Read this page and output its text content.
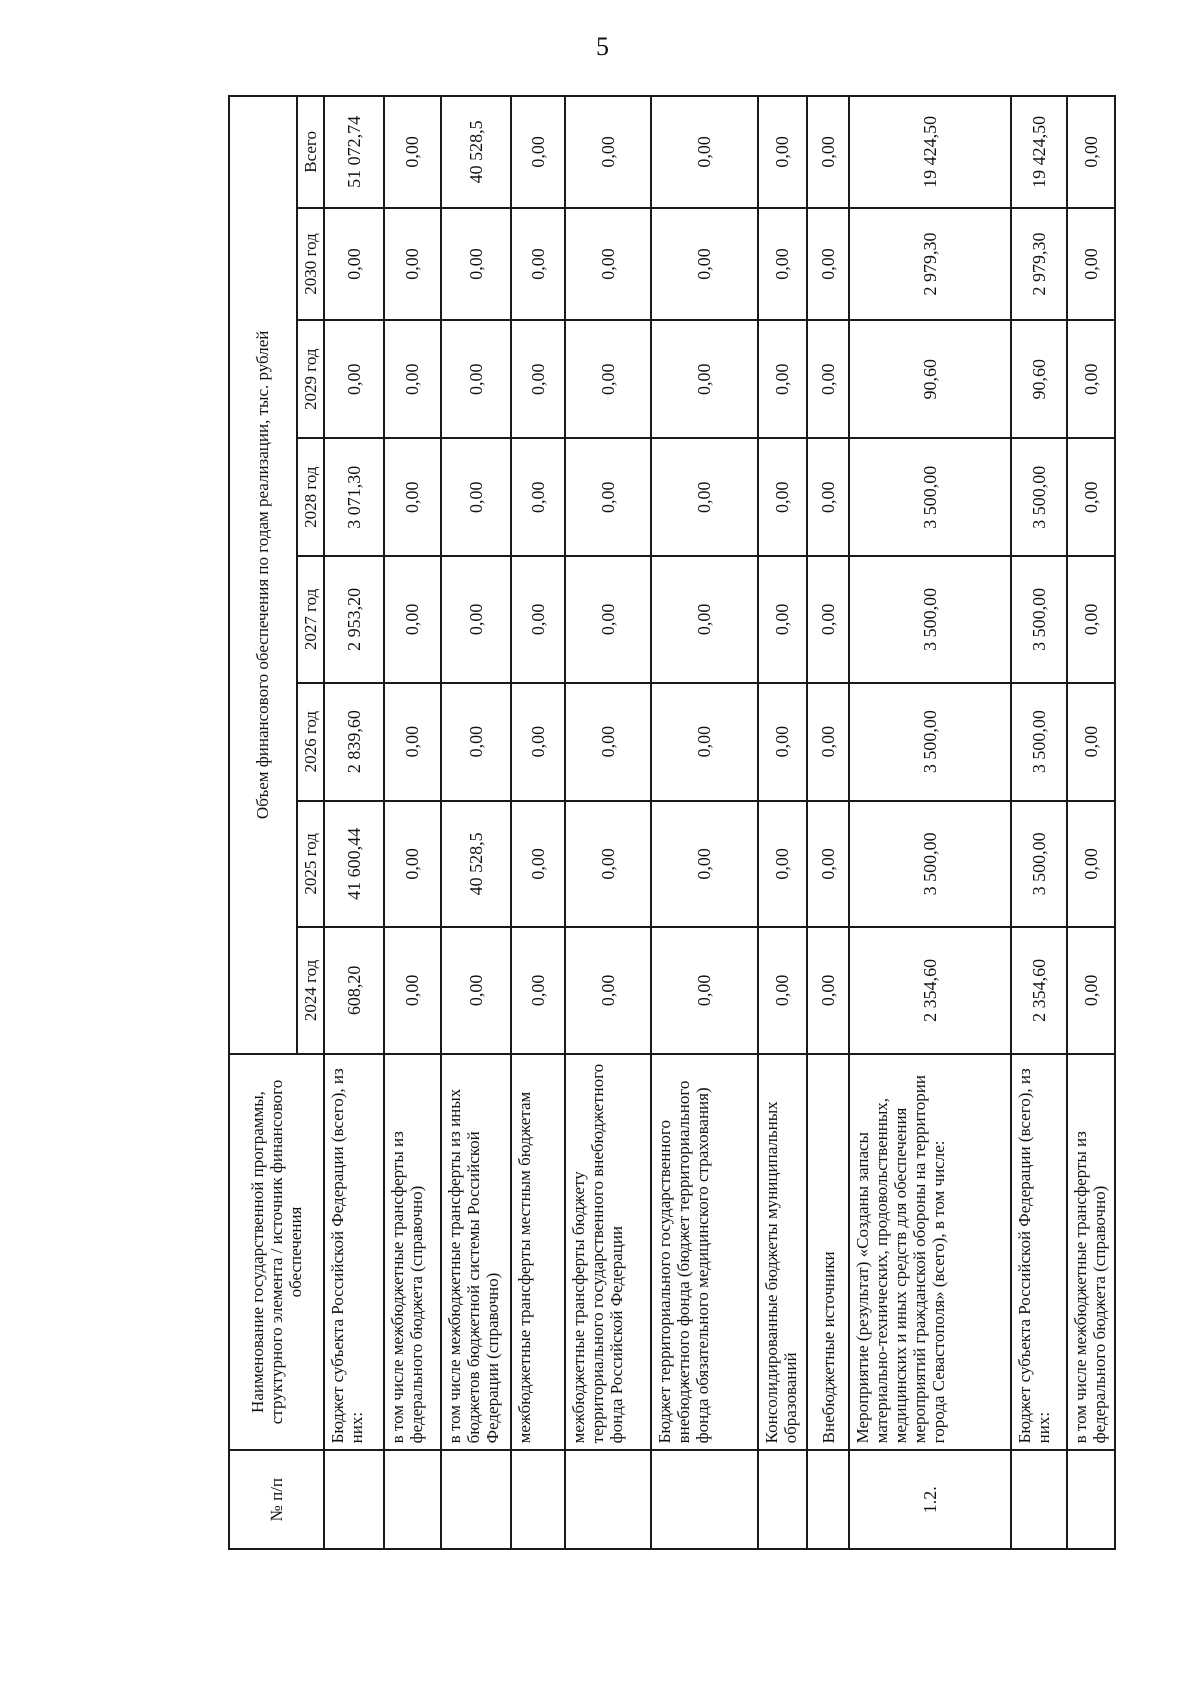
5
№ п/п	Наименование государственной программы, структурного элемента / источник финансового обеспечения	Объем финансового обеспечения по годам реализации, тыс. рублей							
		2024 год	2025 год	2026 год	2027 год	2028 год	2029 год	2030 год	Всего
	Бюджет субъекта Российской Федерации (всего), из них:	608,20	41 600,44	2 839,60	2 953,20	3 071,30	0,00	0,00	51 072,74
	в том числе межбюджетные трансферты из федерального бюджета (справочно)	0,00	0,00	0,00	0,00	0,00	0,00	0,00	0,00
	в том числе межбюджетные трансферты из иных бюджетов бюджетной системы Российской Федерации (справочно)	0,00	40 528,5	0,00	0,00	0,00	0,00	0,00	40 528,5
	межбюджетные трансферты местным бюджетам	0,00	0,00	0,00	0,00	0,00	0,00	0,00	0,00
	межбюджетные трансферты бюджету территориального государственного внебюджетного фонда Российской Федерации	0,00	0,00	0,00	0,00	0,00	0,00	0,00	0,00
	Бюджет территориального государственного внебюджетного фонда (бюджет территориального фонда обязательного медицинского страхования)	0,00	0,00	0,00	0,00	0,00	0,00	0,00	0,00
	Консолидированные бюджеты муниципальных образований	0,00	0,00	0,00	0,00	0,00	0,00	0,00	0,00
	Внебюджетные источники	0,00	0,00	0,00	0,00	0,00	0,00	0,00	0,00
1.2.	Мероприятие (результат) «Созданы запасы материально-технических, продовольственных, медицинских и иных средств для обеспечения мероприятий гражданской обороны на территории города Севастополя» (всего), в том числе:	2 354,60	3 500,00	3 500,00	3 500,00	3 500,00	90,60	2 979,30	19 424,50
	Бюджет субъекта Российской Федерации (всего), из них:	2 354,60	3 500,00	3 500,00	3 500,00	3 500,00	90,60	2 979,30	19 424,50
	в том числе межбюджетные трансферты из федерального бюджета (справочно)	0,00	0,00	0,00	0,00	0,00	0,00	0,00	0,00
